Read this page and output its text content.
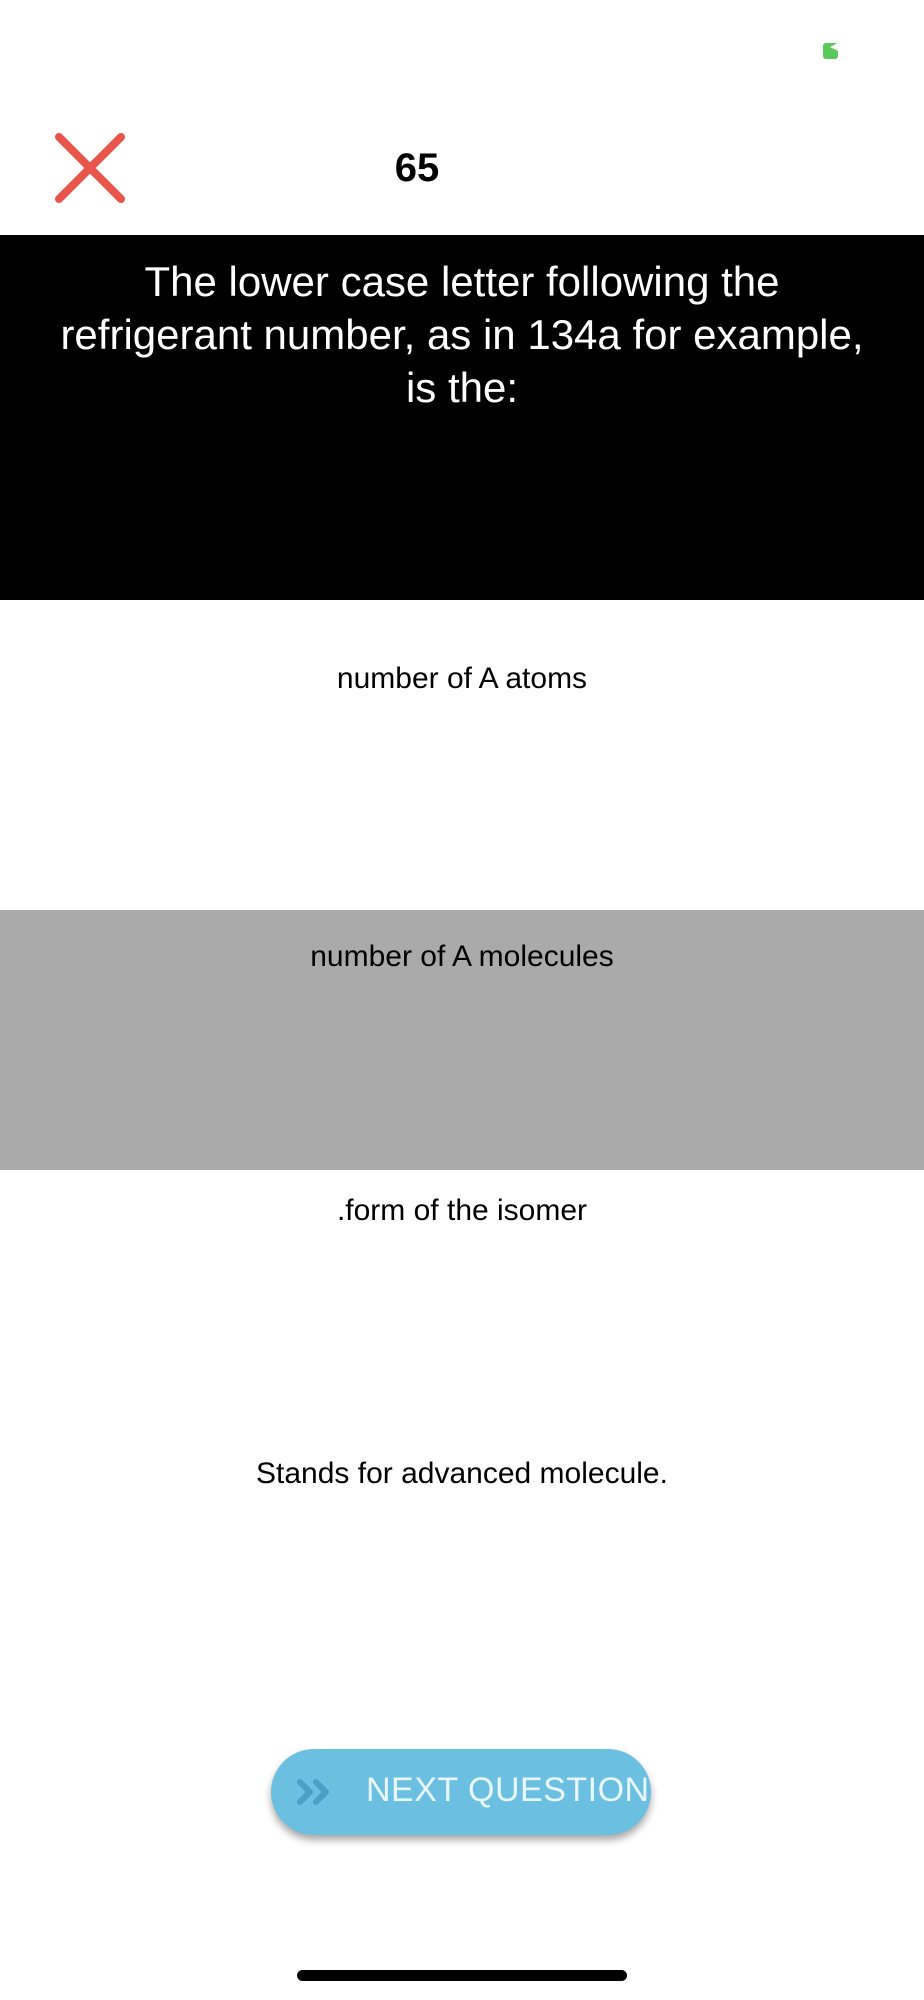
65
The lower case letter following the refrigerant number, as in 134a for example, is the:
number of A atoms
number of A molecules
.form of the isomer
Stands for advanced molecule.
NEXT QUESTION
